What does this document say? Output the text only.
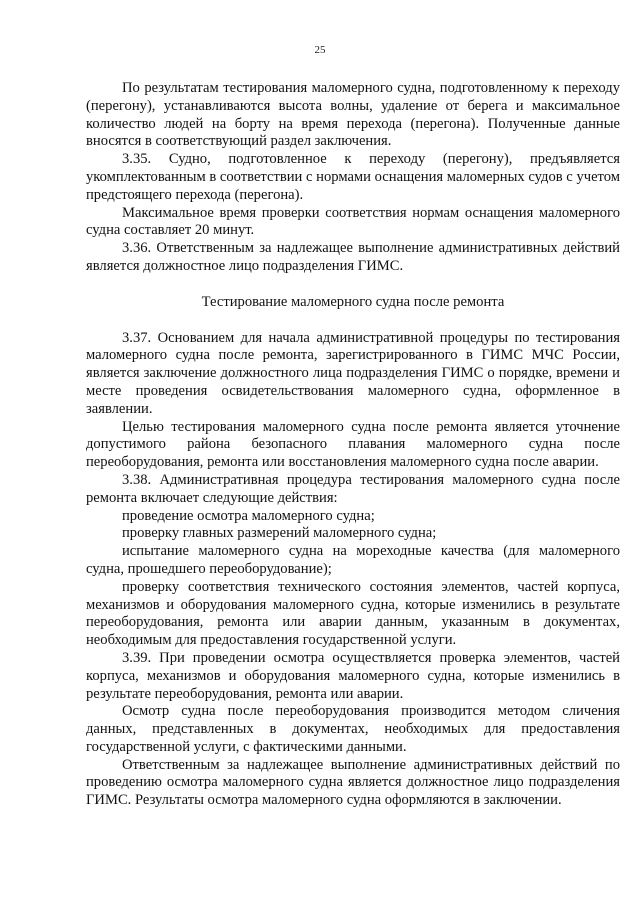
25

По результатам тестирования маломерного судна, подготовленному к переходу (перегону), устанавливаются высота волны, удаление от берега и максимальное количество людей на борту на время перехода (перегона). Полученные данные вносятся в соответствующий раздел заключения.

3.35. Судно, подготовленное к переходу (перегону), предъявляется укомплектованным в соответствии с нормами оснащения маломерных судов с учетом предстоящего перехода (перегона).

Максимальное время проверки соответствия нормам оснащения маломерного судна составляет 20 минут.

3.36. Ответственным за надлежащее выполнение административных действий является должностное лицо подразделения ГИМС.

Тестирование маломерного судна после ремонта

3.37. Основанием для начала административной процедуры по тестирования маломерного судна после ремонта, зарегистрированного в ГИМС МЧС России, является заключение должностного лица подразделения ГИМС о порядке, времени и месте проведения освидетельствования маломерного судна, оформленное в заявлении.

Целью тестирования маломерного судна после ремонта является уточнение допустимого района безопасного плавания маломерного судна после переоборудования, ремонта или восстановления маломерного судна после аварии.

3.38. Административная процедура тестирования маломерного судна после ремонта включает следующие действия:

проведение осмотра маломерного судна;

проверку главных размерений маломерного судна;

испытание маломерного судна на мореходные качества (для маломерного судна, прошедшего переоборудование);

проверку соответствия технического состояния элементов, частей корпуса, механизмов и оборудования маломерного судна, которые изменились в результате переоборудования, ремонта или аварии данным, указанным в документах, необходимым для предоставления государственной услуги.

3.39. При проведении осмотра осуществляется проверка элементов, частей корпуса, механизмов и оборудования маломерного судна, которые изменились в результате переоборудования, ремонта или аварии.

Осмотр судна после переоборудования производится методом сличения данных, представленных в документах, необходимых для предоставления государственной услуги, с фактическими данными.

Ответственным за надлежащее выполнение административных действий по проведению осмотра маломерного судна является должностное лицо подразделения ГИМС. Результаты осмотра маломерного судна оформляются в заключении.
